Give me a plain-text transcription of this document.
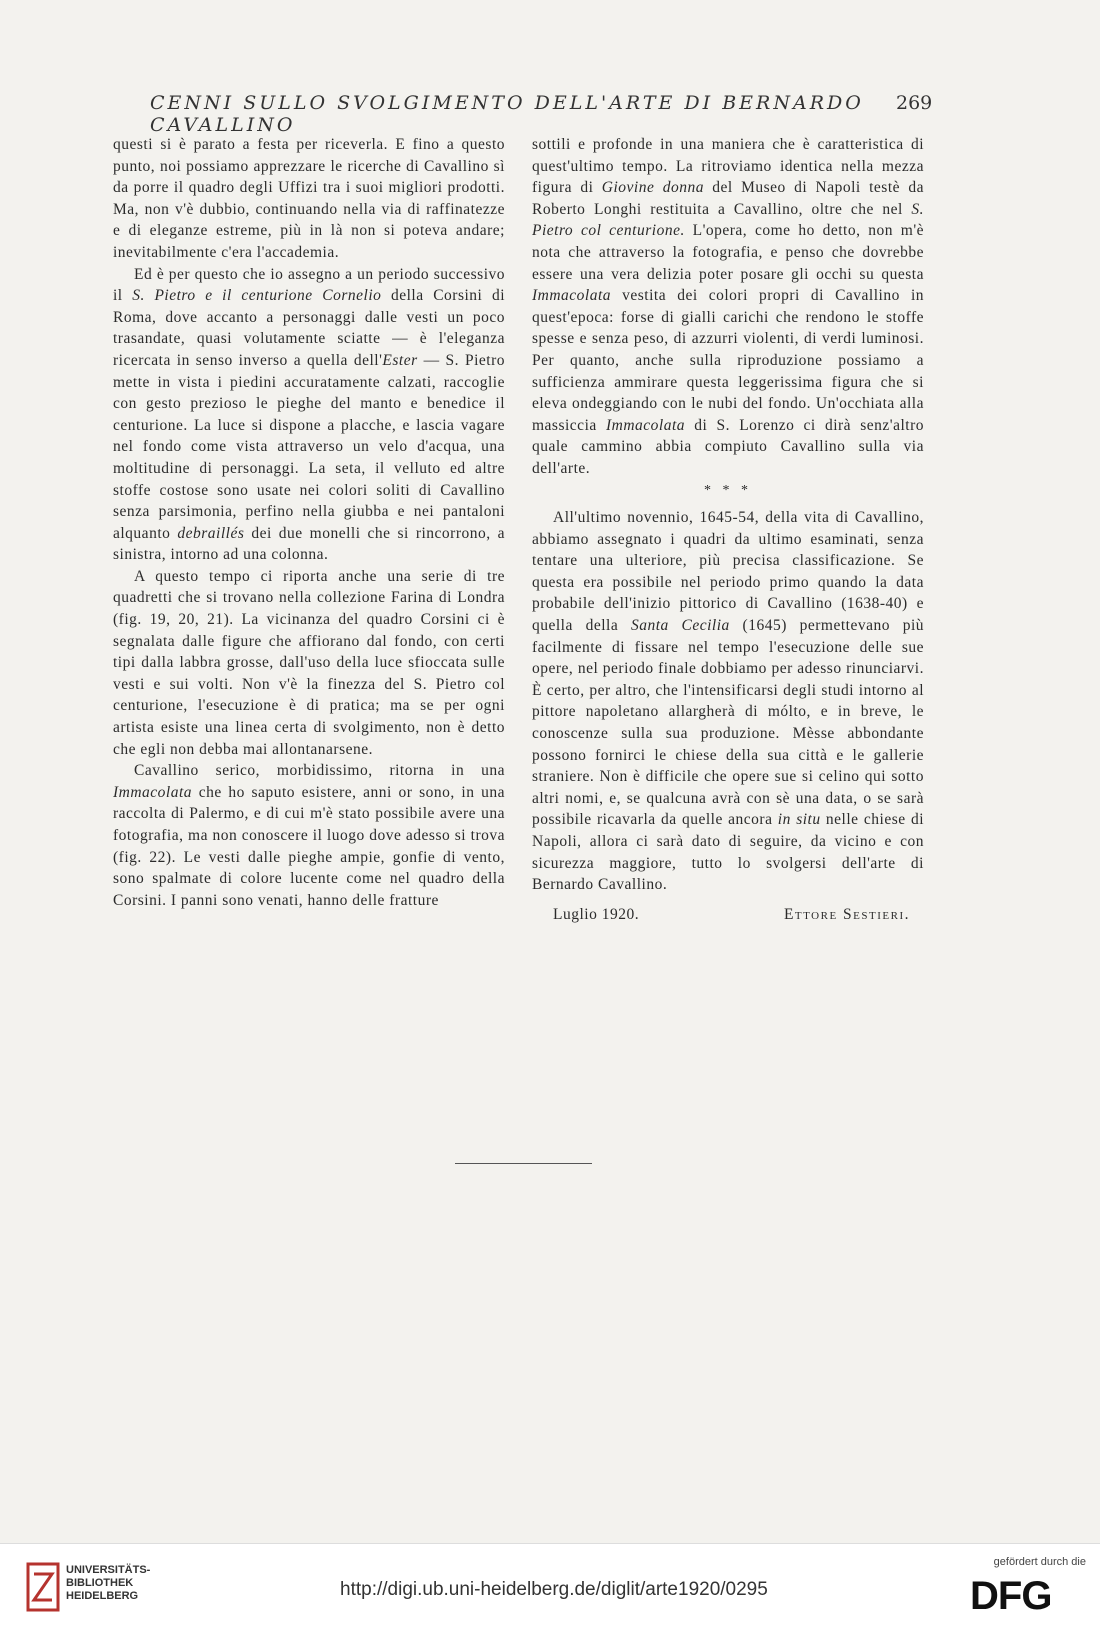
CENNI SULLO SVOLGIMENTO DELL'ARTE DI BERNARDO CAVALLINO
269

questi si è parato a festa per riceverla. E fino a questo punto, noi possiamo apprezzare le ricerche di Cavallino sì da porre il quadro degli Uffizi tra i suoi migliori prodotti. Ma, non v'è dubbio, continuando nella via di raffinatezze e di eleganze estreme, più in là non si poteva andare; inevitabilmente c'era l'accademia.

Ed è per questo che io assegno a un periodo successivo il S. Pietro e il centurione Cornelio della Corsini di Roma, dove accanto a personaggi dalle vesti un poco trasandate, quasi volutamente sciatte — è l'eleganza ricercata in senso inverso a quella dell'Ester — S. Pietro mette in vista i piedini accuratamente calzati, raccoglie con gesto prezioso le pieghe del manto e benedice il centurione. La luce si dispone a placche, e lascia vagare nel fondo come vista attraverso un velo d'acqua, una moltitudine di personaggi. La seta, il velluto ed altre stoffe costose sono usate nei colori soliti di Cavallino senza parsimonia, perfino nella giubba e nei pantaloni alquanto debraillés dei due monelli che si rincorrono, a sinistra, intorno ad una colonna.

A questo tempo ci riporta anche una serie di tre quadretti che si trovano nella collezione Farina di Londra (fig. 19, 20, 21). La vicinanza del quadro Corsini ci è segnalata dalle figure che affiorano dal fondo, con certi tipi dalla labbra grosse, dall'uso della luce sfioccata sulle vesti e sui volti. Non v'è la finezza del S. Pietro col centurione, l'esecuzione è di pratica; ma se per ogni artista esiste una linea certa di svolgimento, non è detto che egli non debba mai allontanarsene.

Cavallino serico, morbidissimo, ritorna in una Immacolata che ho saputo esistere, anni or sono, in una raccolta di Palermo, e di cui m'è stato possibile avere una fotografia, ma non conoscere il luogo dove adesso si trova (fig. 22). Le vesti dalle pieghe ampie, gonfie di vento, sono spalmate di colore lucente come nel quadro della Corsini. I panni sono venati, hanno delle fratture

sottili e profonde in una maniera che è caratteristica di quest'ultimo tempo. La ritroviamo identica nella mezza figura di Giovine donna del Museo di Napoli testè da Roberto Longhi restituita a Cavallino, oltre che nel S. Pietro col centurione. L'opera, come ho detto, non m'è nota che attraverso la fotografia, e penso che dovrebbe essere una vera delizia poter posare gli occhi su questa Immacolata vestita dei colori propri di Cavallino in quest'epoca: forse di gialli carichi che rendono le stoffe spesse e senza peso, di azzurri violenti, di verdi luminosi. Per quanto, anche sulla riproduzione possiamo a sufficienza ammirare questa leggerissima figura che si eleva ondeggiando con le nubi del fondo. Un'occhiata alla massiccia Immacolata di S. Lorenzo ci dirà senz'altro quale cammino abbia compiuto Cavallino sulla via dell'arte.

* * *

All'ultimo novennio, 1645-54, della vita di Cavallino, abbiamo assegnato i quadri da ultimo esaminati, senza tentare una ulteriore, più precisa classificazione. Se questa era possibile nel periodo primo quando la data probabile dell'inizio pittorico di Cavallino (1638-40) e quella della Santa Cecilia (1645) permettevano più facilmente di fissare nel tempo l'esecuzione delle sue opere, nel periodo finale dobbiamo per adesso rinunciarvi. È certo, per altro, che l'intensificarsi degli studi intorno al pittore napoletano allargherà di mólto, e in breve, le conoscenze sulla sua produzione. Mèsse abbondante possono fornirci le chiese della sua città e le gallerie straniere. Non è difficile che opere sue si celino qui sotto altri nomi, e, se qualcuna avrà con sè una data, o se sarà possibile ricavarla da quelle ancora in situ nelle chiese di Napoli, allora ci sarà dato di seguire, da vicino e con sicurezza maggiore, tutto lo svolgersi dell'arte di Bernardo Cavallino.

Luglio 1920.	Ettore Sestieri.
UNIVERSITÄTS-
BIBLIOTHEK
HEIDELBERG	http://digi.ub.uni-heidelberg.de/diglit/arte1920/0295
gefördert durch die
DFG
